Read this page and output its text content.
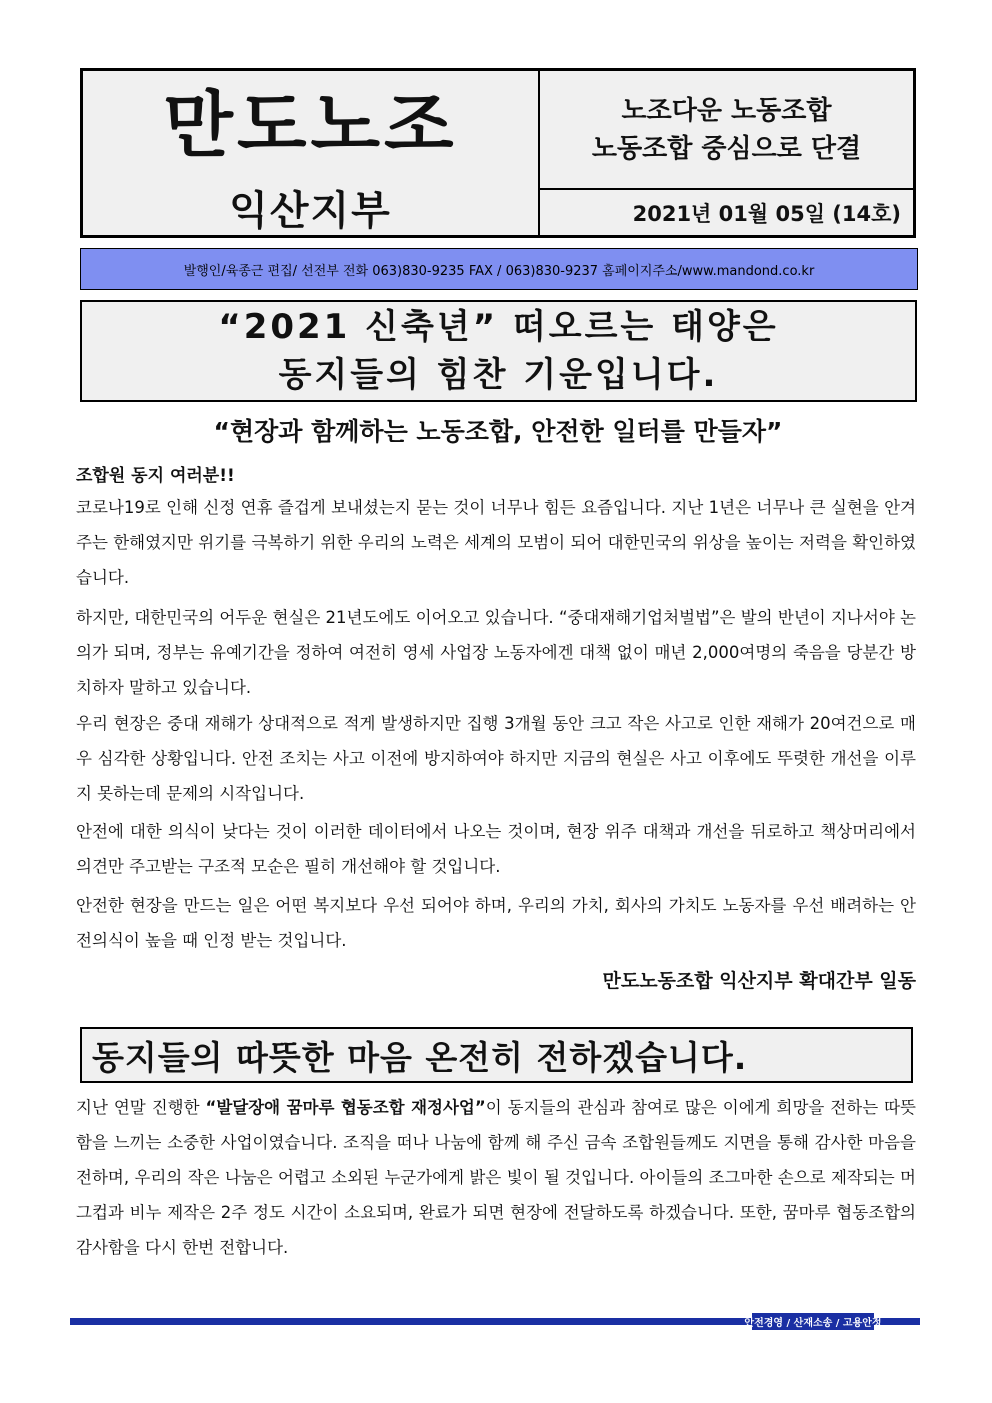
만도노조
익산지부
노조다운 노동조합
노동조합 중심으로 단결
2021년 01월 05일 (14호)
발행인/육종근 편집/ 선전부 전화 063)830-9235 FAX / 063)830-9237 홈페이지주소/www.mandond.co.kr
“2021 신축년” 떠오르는 태양은
동지들의 힘찬 기운입니다.
“현장과 함께하는 노동조합, 안전한 일터를 만들자”
조합원 동지 여러분!!
코로나19로 인해 신정 연휴 즐겁게 보내셨는지 묻는 것이 너무나 힘든 요즘입니다. 지난 1년은 너무나 큰 실현을 안겨주는 한해였지만 위기를 극복하기 위한 우리의 노력은 세계의 모범이 되어 대한민국의 위상을 높이는 저력을 확인하였습니다.
하지만, 대한민국의 어두운 현실은 21년도에도 이어오고 있습니다. “중대재해기업처벌법”은 발의 반년이 지나서야 논의가 되며, 정부는 유예기간을 정하여 여전히 영세 사업장 노동자에겐 대책 없이 매년 2,000여명의 죽음을 당분간 방치하자 말하고 있습니다.
우리 현장은 중대 재해가 상대적으로 적게 발생하지만 집행 3개월 동안 크고 작은 사고로 인한 재해가 20여건으로 매우 심각한 상황입니다. 안전 조치는 사고 이전에 방지하여야 하지만 지금의 현실은 사고 이후에도 뚜렷한 개선을 이루지 못하는데 문제의 시작입니다.
안전에 대한 의식이 낮다는 것이 이러한 데이터에서 나오는 것이며, 현장 위주 대책과 개선을 뒤로하고 책상머리에서 의견만 주고받는 구조적 모순은 필히 개선해야 할 것입니다.
안전한 현장을 만드는 일은 어떤 복지보다 우선 되어야 하며, 우리의 가치, 회사의 가치도 노동자를 우선 배려하는 안전의식이 높을 때 인정 받는 것입니다.
만도노동조합 익산지부 확대간부 일동
동지들의 따뜻한 마음 온전히 전하겠습니다.
지난 연말 진행한 “발달장애 꿈마루 협동조합 재정사업”이 동지들의 관심과 참여로 많은 이에게 희망을 전하는 따뜻함을 느끼는 소중한 사업이였습니다. 조직을 떠나 나눔에 함께 해 주신 금속 조합원들께도 지면을 통해 감사한 마음을 전하며, 우리의 작은 나눔은 어렵고 소외된 누군가에게 밝은 빛이 될 것입니다. 아이들의 조그마한 손으로 제작되는 머그컵과 비누 제작은 2주 정도 시간이 소요되며, 완료가 되면 현장에 전달하도록 하겠습니다. 또한, 꿈마루 협동조합의 감사함을 다시 한번 전합니다.
안전경영 / 산재소송 / 고용안정
